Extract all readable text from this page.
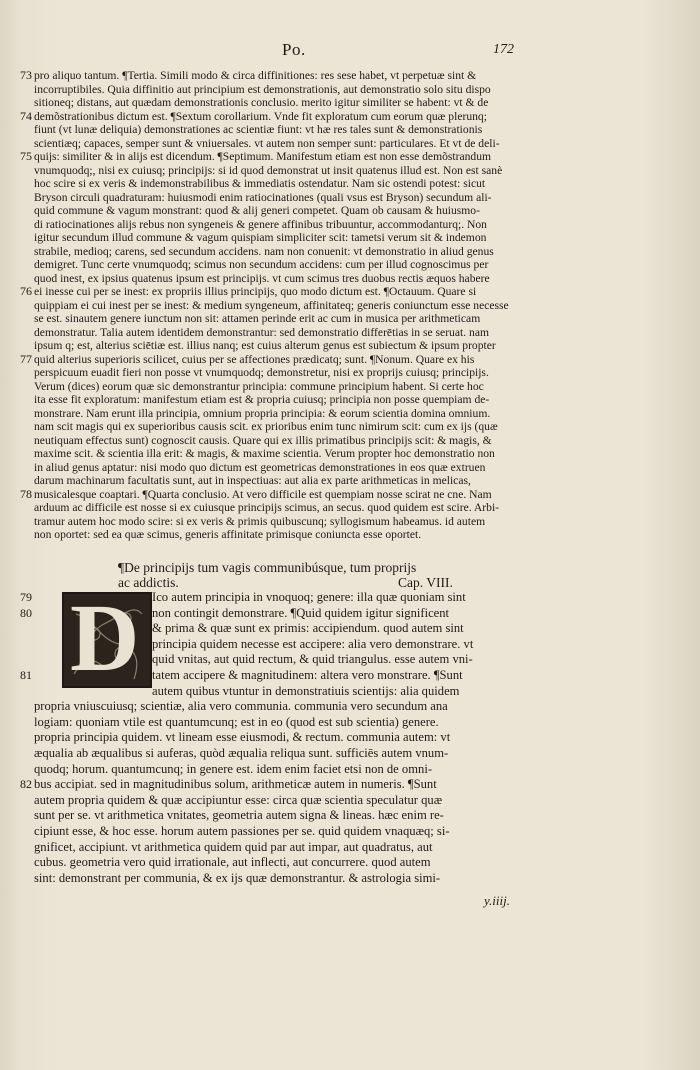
Po.	172
73 pro aliquo tantum. ¶Tertia. Simili modo & circa diffinitiones: res sese habet, vt perpetuæ sint &
incorruptibiles. Quia diffinitio aut principium est demonstrationis, aut demonstratio solo situ dispo
sitioneq; distans, aut quædam demonstrationis conclusio. merito igitur similiter se habent: vt & de
74 demõstrationibus dictum est. ¶Sextum corollarium. Vnde fit exploratum cum eorum quæ plerunq;
fiunt (vt lunæ deliquia) demonstrationes ac scientiæ fiunt: vt hæ res tales sunt & demonstrationis
scientiæq; capaces, semper sunt & vniuersales. vt autem non semper sunt: particulares. Et vt de deli-
75 quijs: similiter & in alijs est dicendum. ¶Septimum. Manifestum etiam est non esse demõstrandum
vnumquodq;, nisi ex cuiusq; principijs: si id quod demonstrat ut insit quatenus illud est. Non est sanè
hoc scire si ex veris & indemonstrabilibus & immediatis ostendatur. Nam sic ostendi potest: sicut
Bryson circuli quadraturam: huiusmodi enim ratiocinationes (quali vsus est Bryson) secundum ali-
quid commune & vagum monstrant: quod & alij generi competet. Quam ob causam & huiusmo-
di ratiocinationes alijs rebus non syngeneis & genere affinibus tribuuntur, accommodanturq;. Non
igitur secundum illud commune & vagum quispiam simpliciter scit: tametsi verum sit & indemon
strabile, medioq; carens, sed secundum accidens. nam non conuenit: vt demonstratio in aliud genus
demigret. Tunc certe vnumquodq; scimus non secundum accidens: cum per illud cognoscimus per
quod inest, ex ipsius quatenus ipsum est principijs. vt cum scimus tres duobus rectis æquos habere
76 ei inesse cui per se inest: ex propriis illius principijs, quo modo dictum est. ¶Octauum. Quare si
quippiam ei cui inest per se inest: & medium syngeneum, affinitateq; generis coniunctum esse necesse
se est. sinautem genere iunctum non sit: attamen perinde erit ac cum in musica per arithmeticam
demonstratur. Talia autem identidem demonstrantur: sed demonstratio differētias in se seruat. nam
ipsum q; est, alterius sciētiæ est. illius nanq; est cuius alterum genus est subiectum & ipsum propter
77 quid alterius superioris scilicet, cuius per se affectiones prædicatq; sunt. ¶Nonum. Quare ex his
perspicuum euadit fieri non posse vt vnumquodq; demonstretur, nisi ex proprijs cuiusq; principijs.
Verum (dices) eorum quæ sic demonstrantur principia: commune principium habent. Si certe hoc
ita esse fit exploratum: manifestum etiam est & propria cuiusq; principia non posse quempiam de-
monstrare. Nam erunt illa principia, omnium propria principia: & eorum scientia domina omnium.
nam scit magis qui ex superioribus causis scit. ex prioribus enim tunc nimirum scit: cum ex ijs (quæ
neutiquam effectus sunt) cognoscit causis. Quare qui ex illis primatibus principijs scit: & magis, &
maxime scit. & scientia illa erit: & magis, & maxime scientia. Verum propter hoc demonstratio non
in aliud genus aptatur: nisi modo quo dictum est geometricas demonstrationes in eos quæ extruen
darum machinarum facultatis sunt, aut in inspectiuas: aut alia ex parte arithmeticas in melicas,
78 musicalesque coaptari. ¶Quarta conclusio. At vero difficile est quempiam nosse scirat ne cne. Nam
arduum ac difficile est nosse si ex cuiusque principijs scimus, an secus. quod quidem est scire. Arbi-
tramur autem hoc modo scire: si ex veris & primis quibuscunq; syllogismum habeamus. id autem
non oportet: sed ea quæ scimus, generis affinitate primisque coniuncta esse oportet.
¶De principijs tum vagis communibúsque, tum proprijs
ac addictis.	Cap. VIII.
D
79	Ico autem principia in vnoquoq; genere: illa quæ quoniam sint
80	non contingit demonstrare. ¶Quid quidem igitur significent
& prima & quæ sunt ex primis: accipiendum. quod autem sint
principia quidem necesse est accipere: alia vero demonstrare. vt
quid vnitas, aut quid rectum, & quid triangulus. esse autem vni-
81	tatem accipere & magnitudinem: altera vero monstrare. ¶Sunt
autem quibus vtuntur in demonstratiuis scientijs: alia quidem
propria vniuscuiusq; scientiæ, alia vero communia. communia vero secundum ana
logiam: quoniam vtile est quantumcunq; est in eo (quod est sub scientia) genere.
propria principia quidem. vt lineam esse eiusmodi, & rectum. communia autem: vt
æqualia ab æqualibus si auferas, quòd æqualia reliqua sunt. sufficiēs autem vnum-
quodq; horum. quantumcunq; in genere est. idem enim faciet etsi non de omni-
82 bus accipiat. sed in magnitudinibus solum, arithmeticæ autem in numeris. ¶Sunt
autem propria quidem & quæ accipiuntur esse: circa quæ scientia speculatur quæ
sunt per se. vt arithmetica vnitates, geometria autem signa & lineas. hæc enim re-
cipiunt esse, & hoc esse. horum autem passiones per se. quid quidem vnaquæq; si-
gnificet, accipiunt. vt arithmetica quidem quid par aut impar, aut quadratus, aut
cubus. geometria vero quid irrationale, aut inflecti, aut concurrere. quod autem
sint: demonstrant per communia, & ex ijs quæ demonstrantur. & astrologia simi-
y.iiij.
